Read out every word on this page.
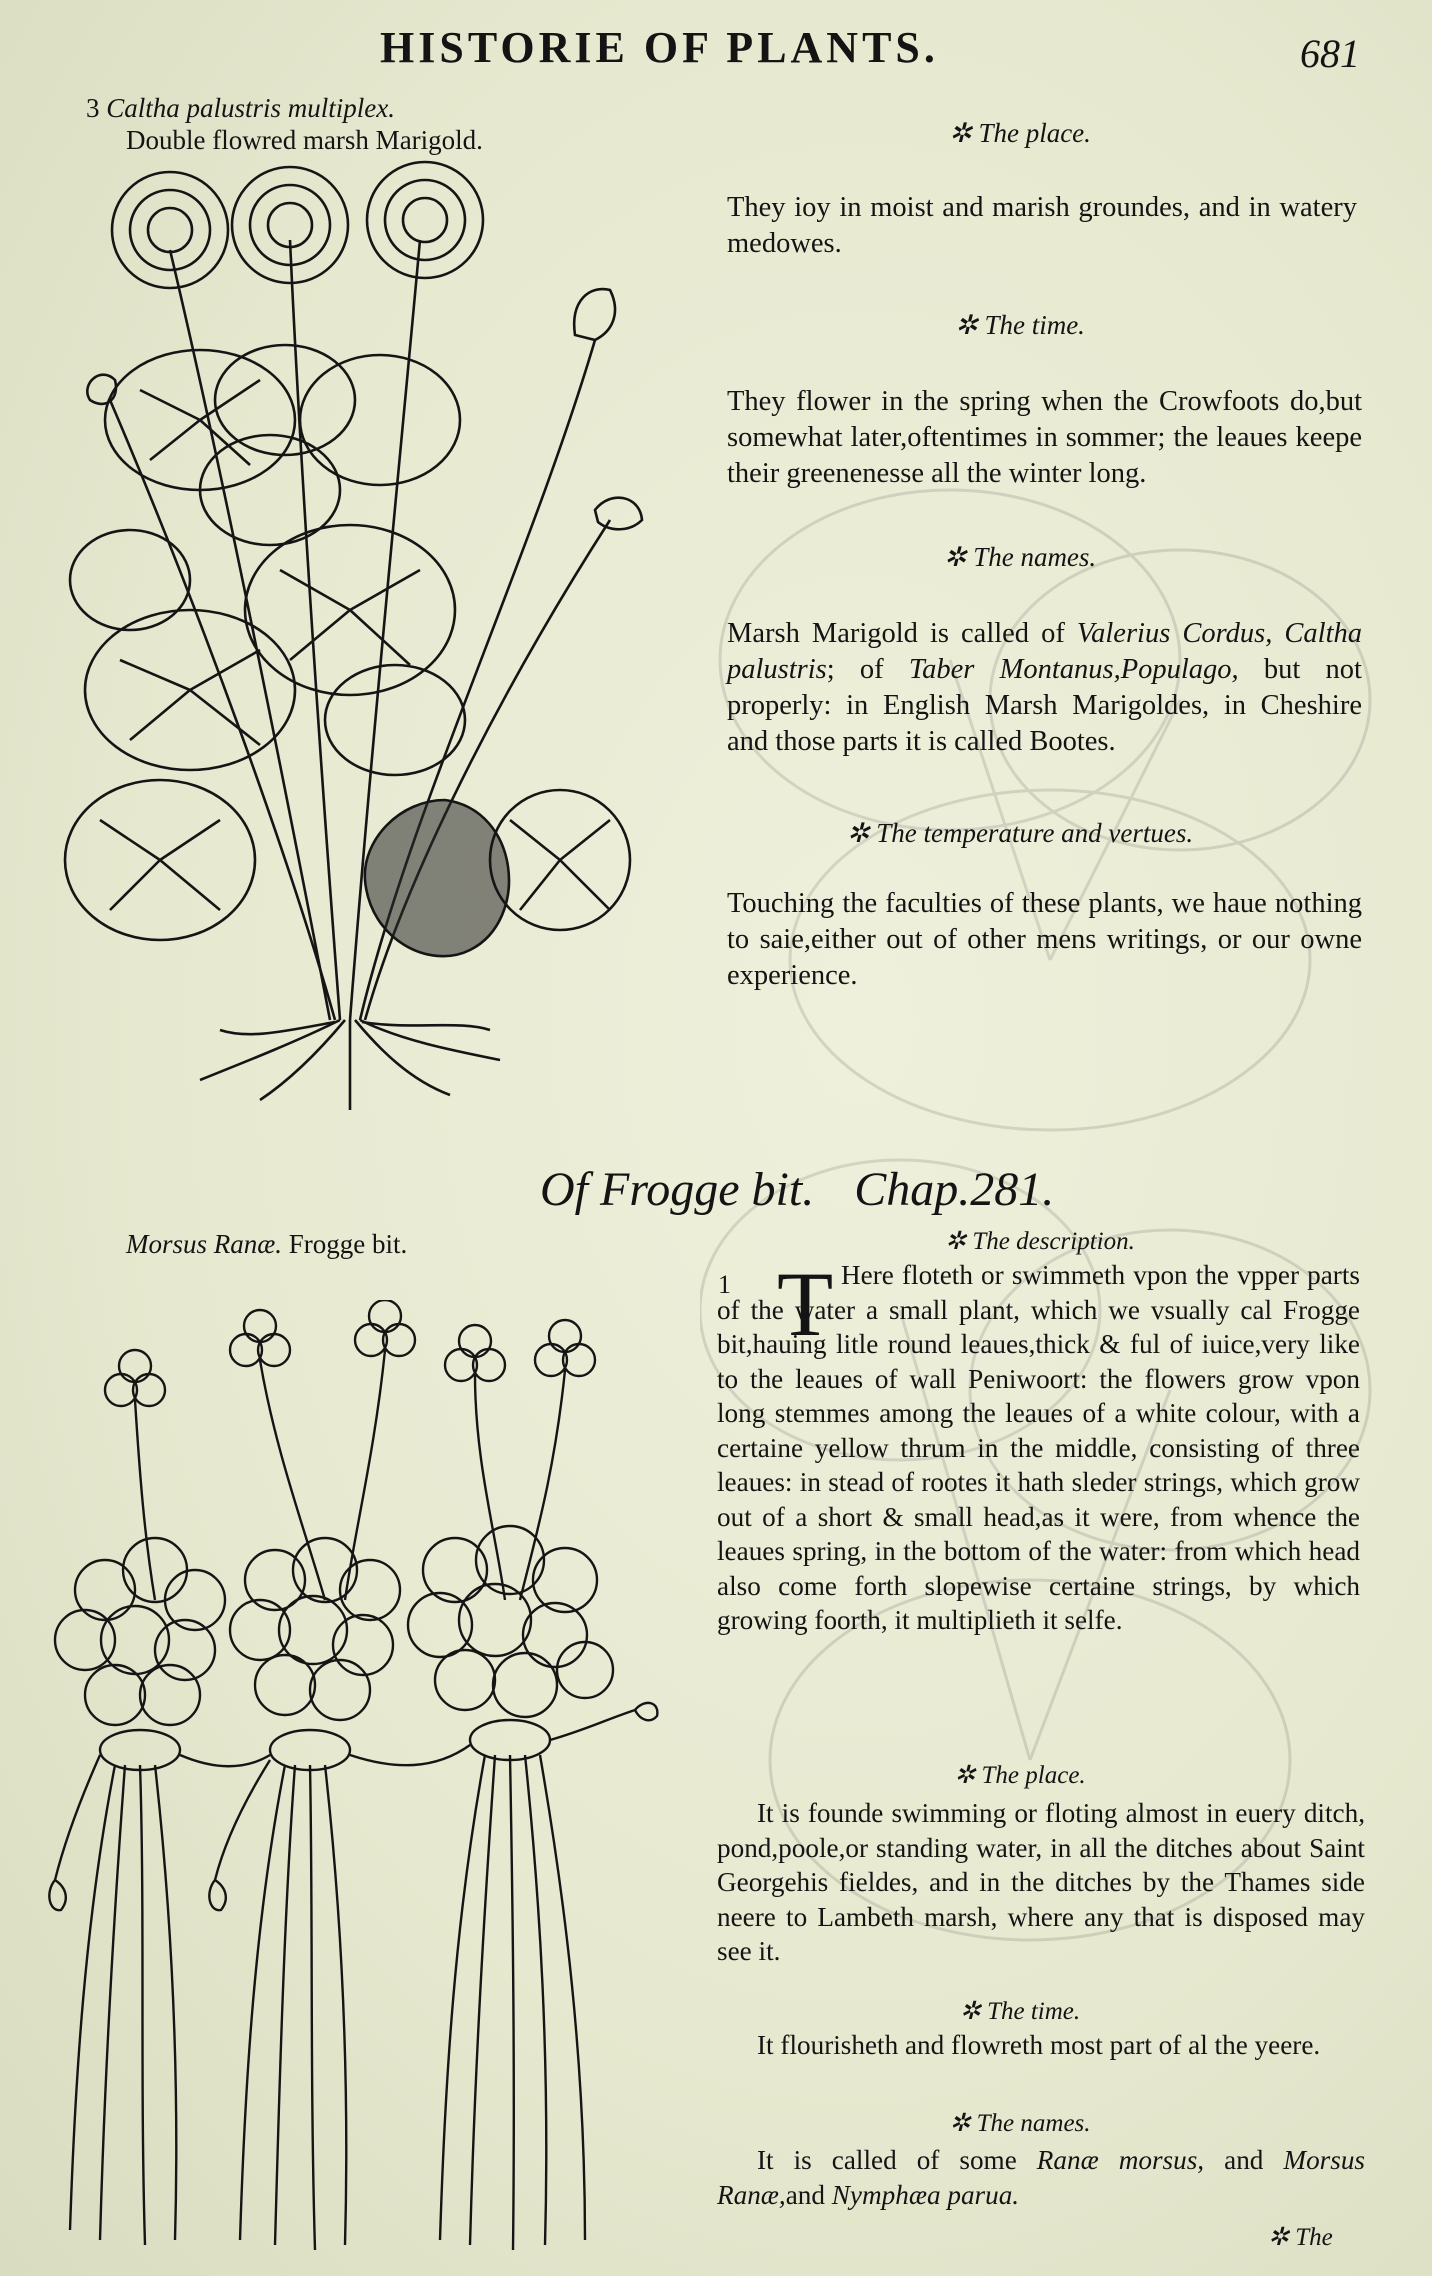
HISTORIE OF PLANTS.	681
3 Caltha palustris multiplex.
Double flowred marsh Marigold.	✲ The place.

They ioy in moist and marish groundes, and in watery medowes.

✲ The time.

They flower in the spring when the Crowfoots do,but somewhat later,oftentimes in sommer; the leaues keepe their greenenesse all the winter long.

✲ The names.

Marsh Marigold is called of Valerius Cordus, Caltha palustris; of Taber Montanus,Populago, but not properly: in English Marsh Marigoldes, in Cheshire and those parts it is called Bootes.

✲ The temperature and vertues.

Touching the faculties of these plants, we haue nothing to saie,either out of other mens writings, or our owne experience.

Of Frogge bit. Chap.281.
Morsus Ranæ. Frogge bit.	✲ The description.
1 T Here floteth or swimmeth vpon the vpper parts of the water a small plant, which we vsually cal Frogge bit,hauing litle round leaues,thick & ful of iuice,very like to the leaues of wall Peniwoort: the flowers grow vpon long stemmes among the leaues of a white colour, with a certaine yellow thrum in the middle, consisting of three leaues: in stead of rootes it hath sleder strings, which grow out of a short & small head,as it were, from whence the leaues spring, in the bottom of the water: from which head also come forth slopewise certaine strings, by which growing foorth, it multiplieth it selfe.

✲ The place.

It is founde swimming or floting almost in euery ditch, pond,poole,or standing water, in all the ditches about Saint Georgehis fieldes, and in the ditches by the Thames side neere to Lambeth marsh, where any that is disposed may see it.

✲ The time.

It flourisheth and flowreth most part of al the yeere.

✲ The names.

It is called of some Ranæ morsus, and Morsus Ranæ,and Nymphæa parua.

✲ The
